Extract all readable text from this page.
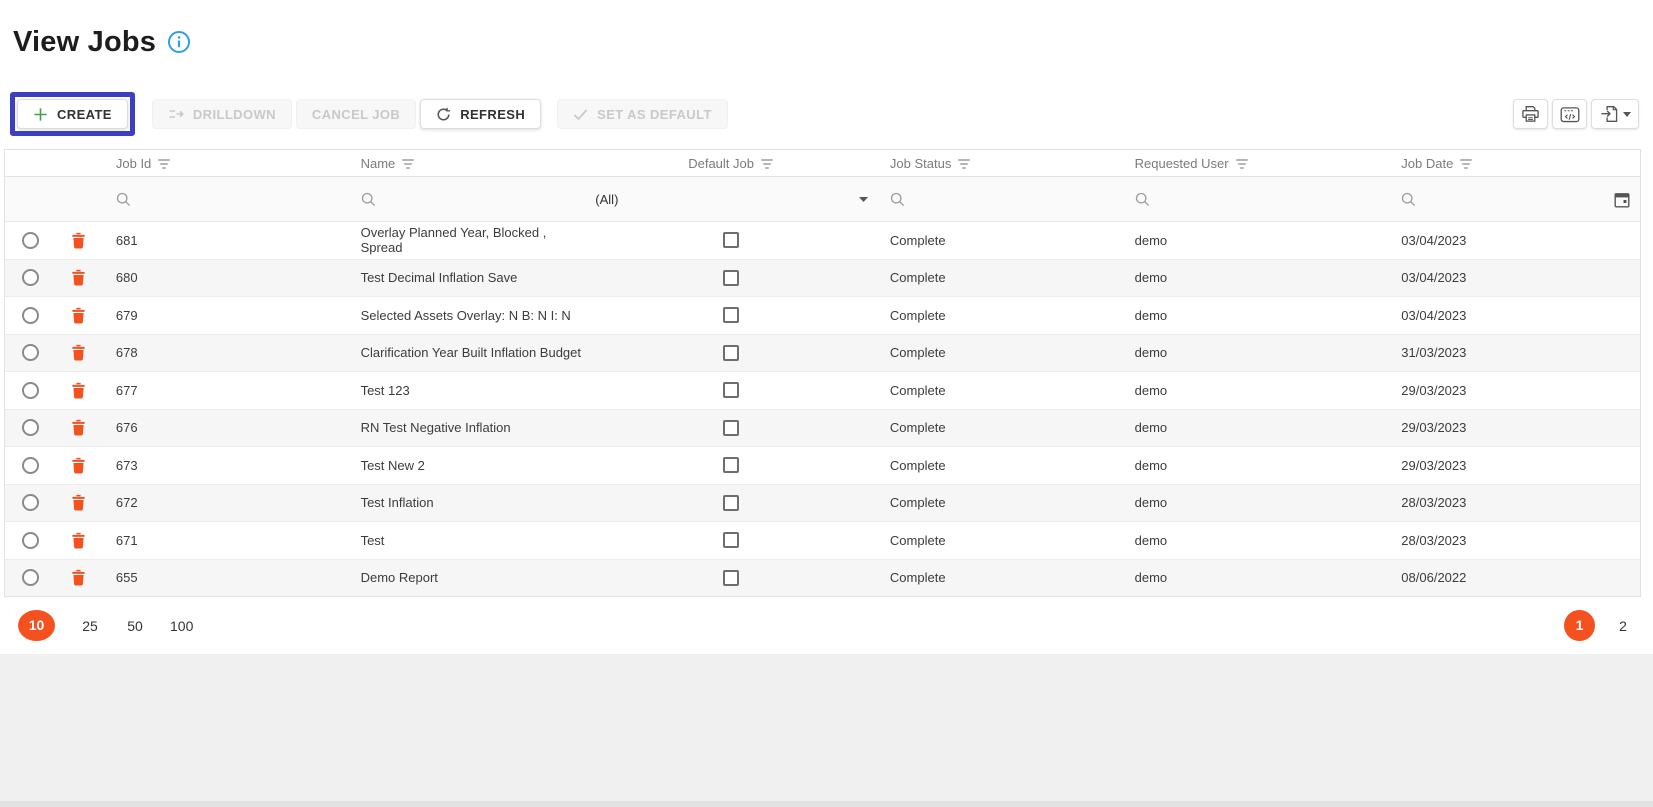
View Jobs
CREATE	DRILLDOWN	CANCEL JOB	REFRESH	SET AS DEFAULT
Job Id	Name	Default Job	Job Status	Requested User	Job Date
(All)
681	Overlay Planned Year, Blocked , Spread	Complete	demo	03/04/2023
680	Test Decimal Inflation Save	Complete	demo	03/04/2023
679	Selected Assets Overlay: N B: N I: N	Complete	demo	03/04/2023
678	Clarification Year Built Inflation Budget	Complete	demo	31/03/2023
677	Test 123	Complete	demo	29/03/2023
676	RN Test Negative Inflation	Complete	demo	29/03/2023
673	Test New 2	Complete	demo	29/03/2023
672	Test Inflation	Complete	demo	28/03/2023
671	Test	Complete	demo	28/03/2023
655	Demo Report	Complete	demo	08/06/2022
10	25 50 100	1	2
